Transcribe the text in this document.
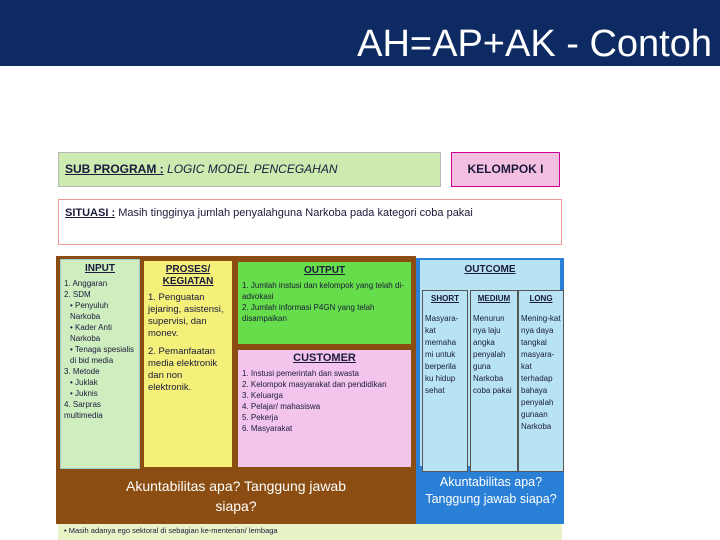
AH=AP+AK - Contoh
SUB PROGRAM : LOGIC MODEL PENCEGAHAN	KELOMPOK I
SITUASI : Masih tingginya jumlah penyalahguna Narkoba pada kategori coba pakai
INPUT
1. Anggaran
2. SDM
• Penyuluh Narkoba
• Kader Anti Narkoba
• Tenaga spesialis di bid media
3. Metode
• Juklak
• Juknis
4. Sarpras multimedia
PROSES/ KEGIATAN
1. Penguatan jejaring, asistensi, supervisi, dan monev.
2. Pemanfaatan media elektronik dan non elektronik.
OUTPUT
1. Jumlah instusi dan kelompok yang telah di-advokasi
2. Jumlah informasi P4GN yang telah disampaikan
CUSTOMER
1. Instusi pemerintah dan swasta
2. Kelompok masyarakat dan pendidikan
3. Keluarga
4. Pelajar/ mahasiswa
5. Pekerja
6. Masyarakat
OUTCOME
SHORT
Masyara-kat memaha mi untuk berperila ku hidup sehat
MEDIUM
Menurun nya laju angka penyalah guna Narkoba coba pakai
LONG
Mening-kat nya daya tangkal masyara-kat terhadap bahaya penyalah gunaan Narkoba
Akuntabilitas apa? Tanggung jawab siapa?
Akuntabilitas apa? Tanggung jawab siapa?
• Masih adanya ego sektoral di sebagian ke-menterian/ lembaga
